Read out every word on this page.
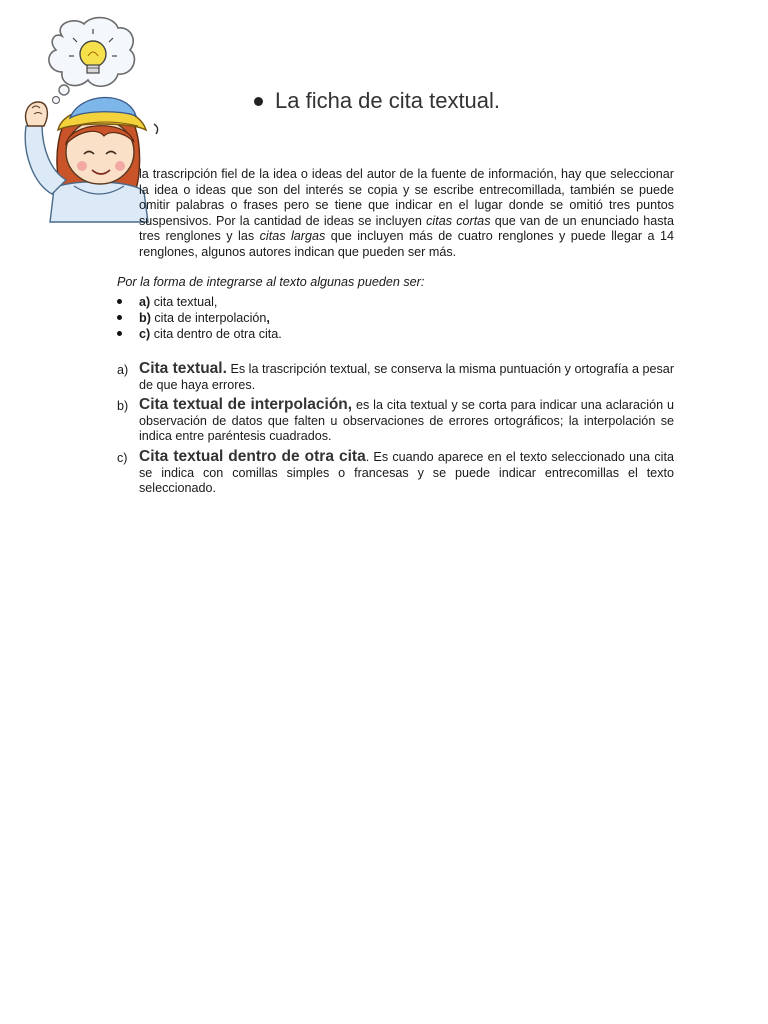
La ficha de cita textual.

la trascripción fiel de la idea o ideas del autor de la fuente de información, hay que seleccionar la idea o ideas que son del interés se copia y se escribe entrecomillada, también se puede omitir palabras o frases pero se tiene que indicar en el lugar donde se omitió tres puntos suspensivos. Por la cantidad de ideas se incluyen citas cortas que van de un enunciado hasta tres renglones y las citas largas que incluyen más de cuatro renglones y puede llegar a 14 renglones, algunos autores indican que pueden ser más.

Por la forma de integrarse al texto algunas pueden ser:

a) cita textual,
b) cita de interpolación,
c) cita dentro de otra cita.
a) Cita textual. Es la trascripción textual, se conserva la misma puntuación y ortografía a pesar de que haya errores.
b) Cita textual de interpolación, es la cita textual y se corta para indicar una aclaración u observación de datos que falten u observaciones de errores ortográficos; la interpolación se indica entre paréntesis cuadrados.
c) Cita textual dentro de otra cita. Es cuando aparece en el texto seleccionado una cita se indica con comillas simples o francesas y se puede indicar entrecomillas el texto seleccionado.
